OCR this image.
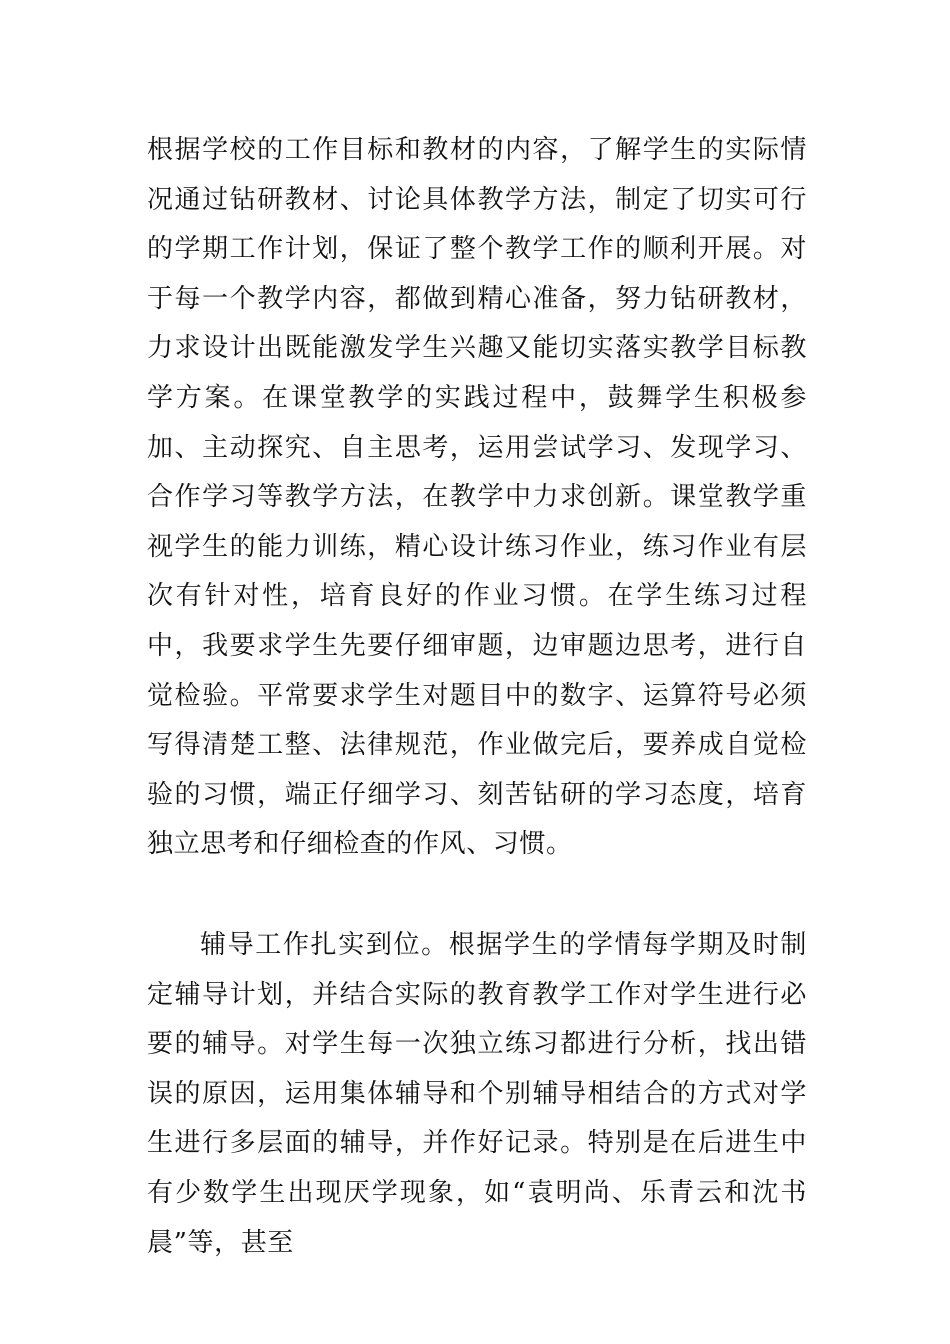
根据学校的工作目标和教材的内容，了解学生的实际情况通过钻研教材、讨论具体教学方法，制定了切实可行的学期工作计划，保证了整个教学工作的顺利开展。对于每一个教学内容，都做到精心准备，努力钻研教材，力求设计出既能激发学生兴趣又能切实落实教学目标教学方案。在课堂教学的实践过程中，鼓舞学生积极参加、主动探究、自主思考，运用尝试学习、发现学习、合作学习等教学方法，在教学中力求创新。课堂教学重视学生的能力训练，精心设计练习作业，练习作业有层次有针对性，培育良好的作业习惯。在学生练习过程中，我要求学生先要仔细审题，边审题边思考，进行自觉检验。平常要求学生对题目中的数字、运算符号必须写得清楚工整、法律规范，作业做完后，要养成自觉检验的习惯，端正仔细学习、刻苦钻研的学习态度，培育独立思考和仔细检查的作风、习惯。

辅导工作扎实到位。根据学生的学情每学期及时制定辅导计划，并结合实际的教育教学工作对学生进行必要的辅导。对学生每一次独立练习都进行分析，找出错误的原因，运用集体辅导和个别辅导相结合的方式对学生进行多层面的辅导，并作好记录。特别是在后进生中有少数学生出现厌学现象，如“袁明尚、乐青云和沈书晨”等，甚至
